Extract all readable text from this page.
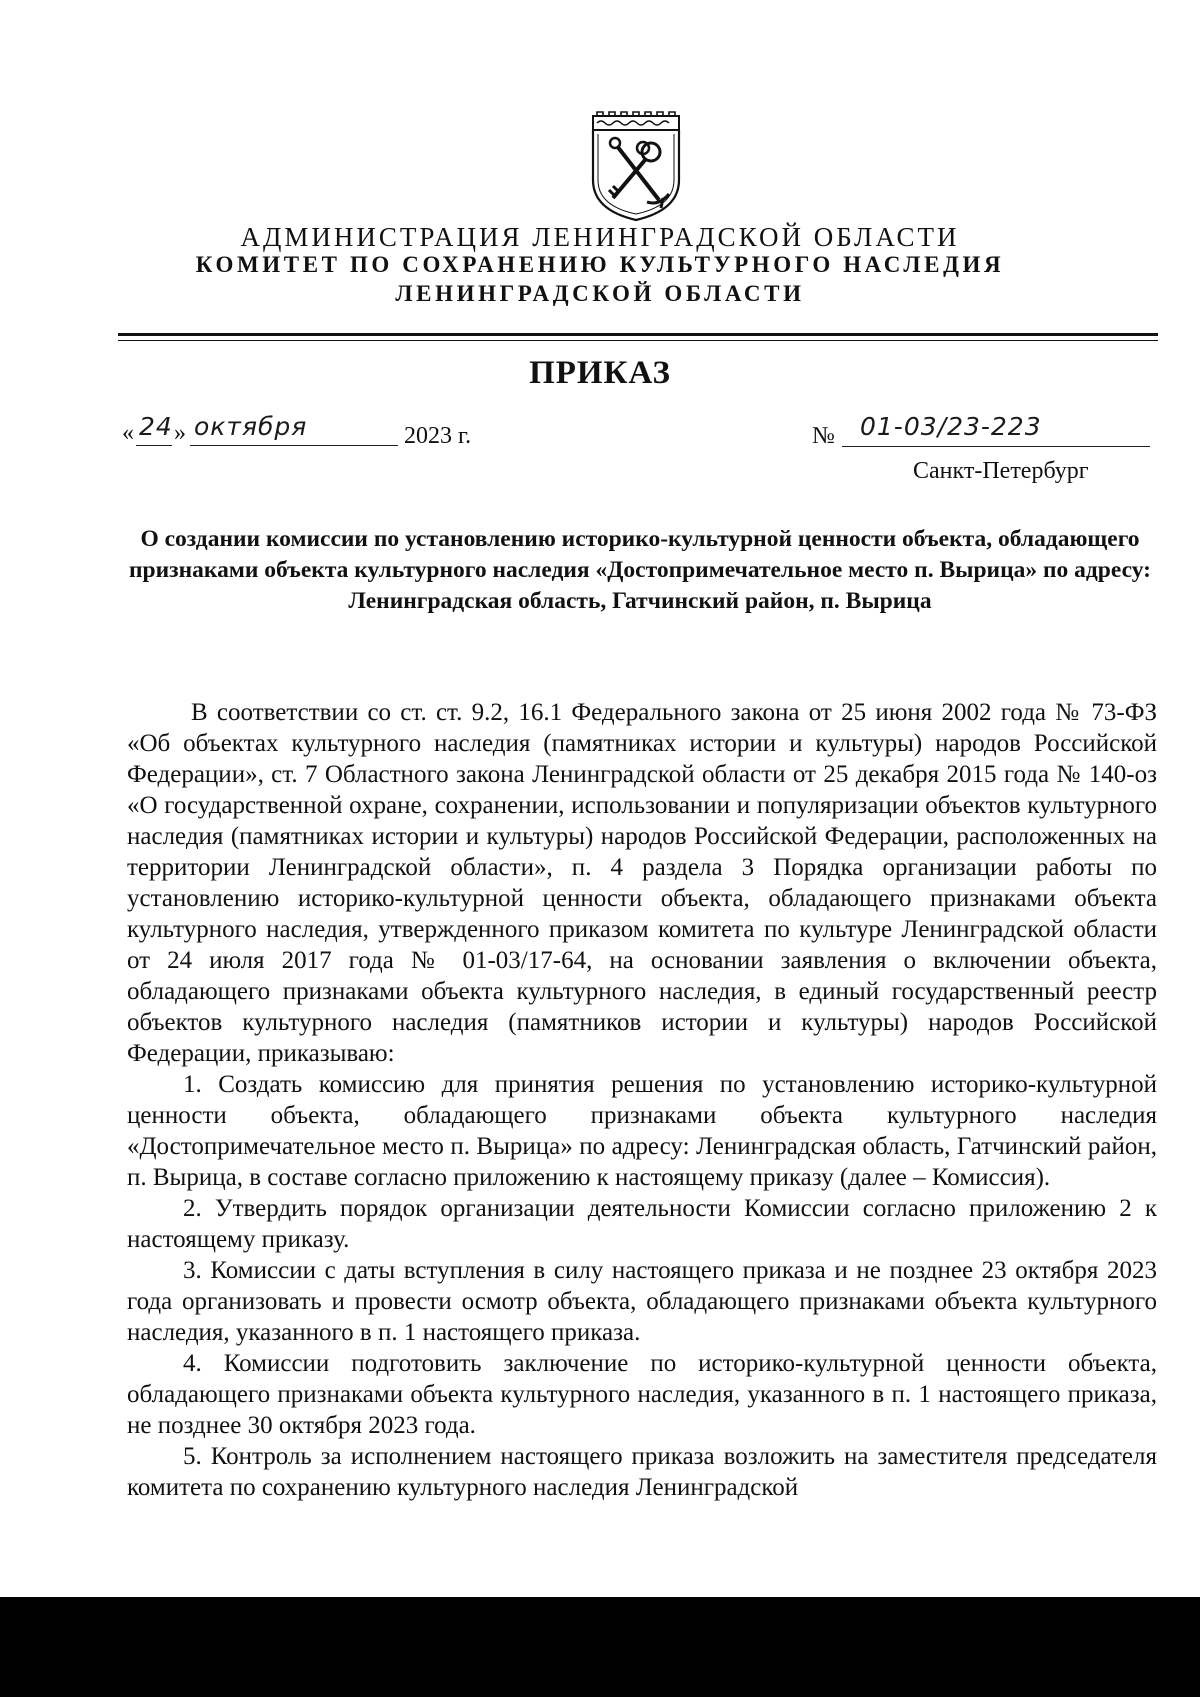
АДМИНИСТРАЦИЯ ЛЕНИНГРАДСКОЙ ОБЛАСТИ
КОМИТЕТ ПО СОХРАНЕНИЮ КУЛЬТУРНОГО НАСЛЕДИЯ
ЛЕНИНГРАДСКОЙ ОБЛАСТИ
ПРИКАЗ
« 24 » октября	2023 г.	№ 01-03/23-223
Санкт-Петербург
О создании комиссии по установлению историко-культурной ценности объекта, обладающего признаками объекта культурного наследия «Достопримечательное место п. Вырица» по адресу: Ленинградская область, Гатчинский район, п. Вырица

В соответствии со ст. ст. 9.2, 16.1 Федерального закона от 25 июня 2002 года № 73-ФЗ «Об объектах культурного наследия (памятниках истории и культуры) народов Российской Федерации», ст. 7 Областного закона Ленинградской области от 25 декабря 2015 года № 140-оз «О государственной охране, сохранении, использовании и популяризации объектов культурного наследия (памятниках истории и культуры) народов Российской Федерации, расположенных на территории Ленинградской области», п. 4 раздела 3 Порядка организации работы по установлению историко-культурной ценности объекта, обладающего признаками объекта культурного наследия, утвержденного приказом комитета по культуре Ленинградской области от 24 июля 2017 года № 01-03/17-64, на основании заявления о включении объекта, обладающего признаками объекта культурного наследия, в единый государственный реестр объектов культурного наследия (памятников истории и культуры) народов Российской Федерации, приказываю:

1. Создать комиссию для принятия решения по установлению историко-культурной ценности объекта, обладающего признаками объекта культурного наследия «Достопримечательное место п. Вырица» по адресу: Ленинградская область, Гатчинский район, п. Вырица, в составе согласно приложению к настоящему приказу (далее – Комиссия).

2. Утвердить порядок организации деятельности Комиссии согласно приложению 2 к настоящему приказу.

3. Комиссии с даты вступления в силу настоящего приказа и не позднее 23 октября 2023 года организовать и провести осмотр объекта, обладающего признаками объекта культурного наследия, указанного в п. 1 настоящего приказа.

4. Комиссии подготовить заключение по историко-культурной ценности объекта, обладающего признаками объекта культурного наследия, указанного в п. 1 настоящего приказа, не позднее 30 октября 2023 года.

5. Контроль за исполнением настоящего приказа возложить на заместителя председателя комитета по сохранению культурного наследия Ленинградской
